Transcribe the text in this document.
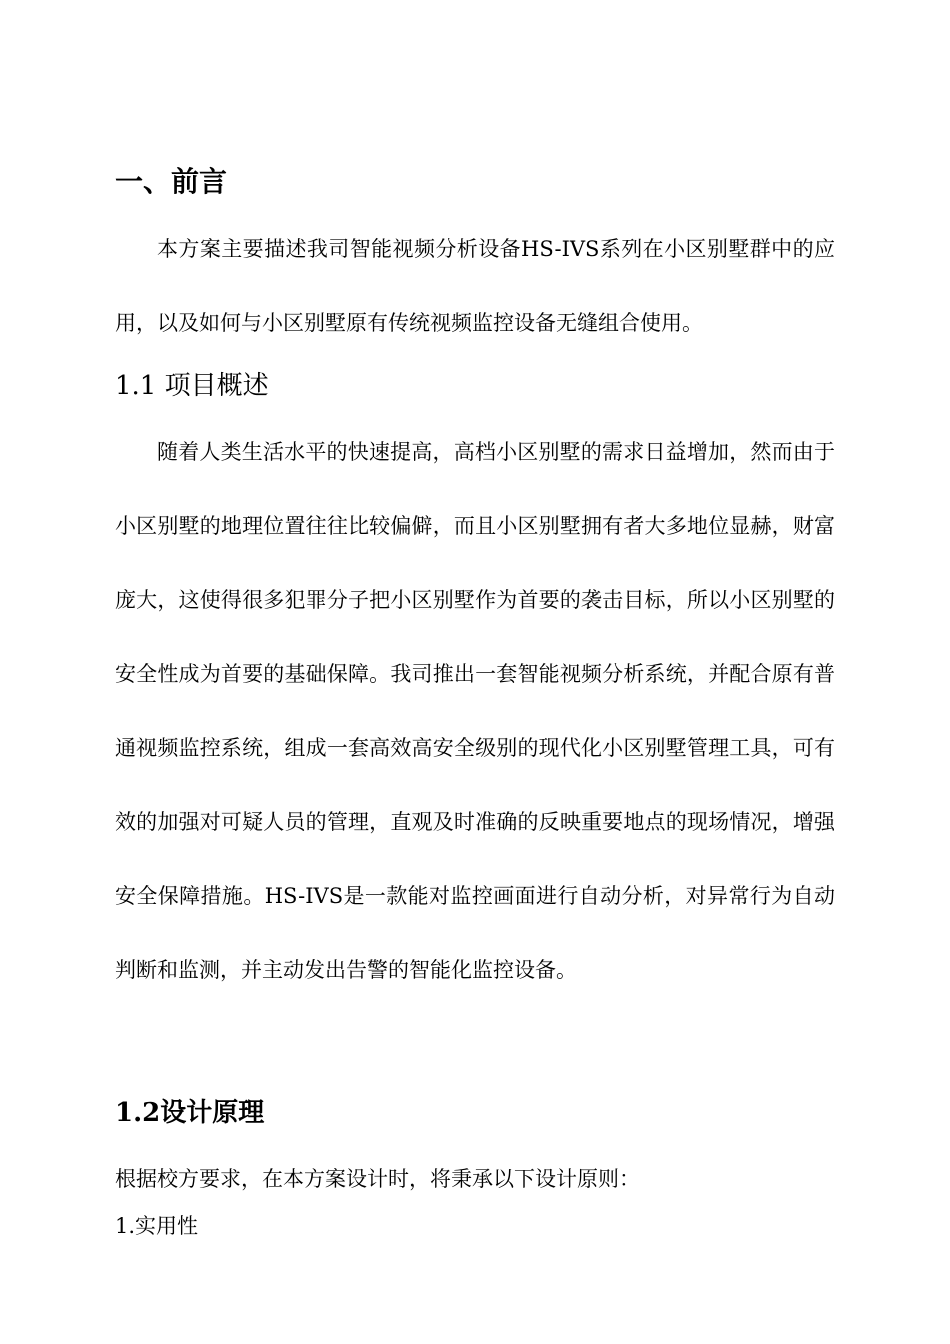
一、前言

本方案主要描述我司智能视频分析设备HS-IVS系列在小区别墅群中的应用，以及如何与小区别墅原有传统视频监控设备无缝组合使用。

1.1 项目概述

随着人类生活水平的快速提高，高档小区别墅的需求日益增加，然而由于小区别墅的地理位置往往比较偏僻，而且小区别墅拥有者大多地位显赫，财富庞大，这使得很多犯罪分子把小区别墅作为首要的袭击目标，所以小区别墅的安全性成为首要的基础保障。我司推出一套智能视频分析系统，并配合原有普通视频监控系统，组成一套高效高安全级别的现代化小区别墅管理工具，可有效的加强对可疑人员的管理，直观及时准确的反映重要地点的现场情况，增强安全保障措施。HS-IVS是一款能对监控画面进行自动分析，对异常行为自动判断和监测，并主动发出告警的智能化监控设备。

1.2设计原理

根据校方要求，在本方案设计时，将秉承以下设计原则：

1.实用性
